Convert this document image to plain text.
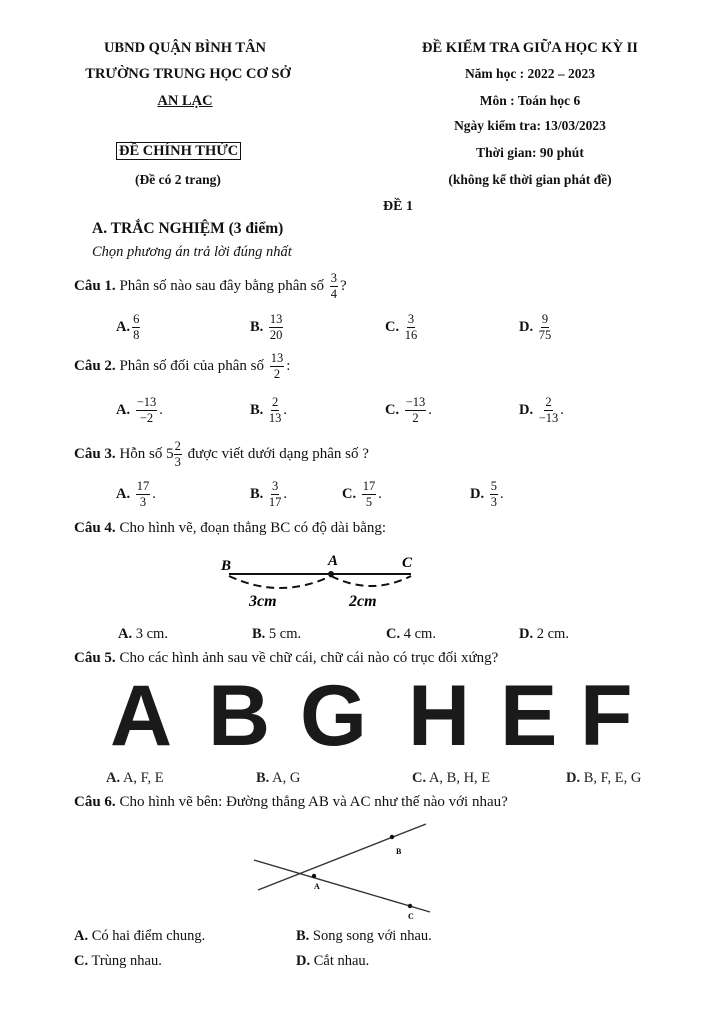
UBND QUẬN BÌNH TÂN
TRƯỜNG TRUNG HỌC CƠ SỞ
AN LẠC
ĐỀ CHÍNH THỨC
(Đề có 2 trang)
ĐỀ KIỂM TRA GIỮA HỌC KỲ II
Năm học : 2022 – 2023
Môn : Toán học 6
Ngày kiểm tra: 13/03/2023
Thời gian: 90 phút
(không kể thời gian phát đề)
ĐỀ 1
A. TRẮC NGHIỆM (3 điểm)
Chọn phương án trả lời đúng nhất
Câu 1. Phân số nào sau đây bằng phân số $\frac{3}{4}$ ?
A. $\frac{6}{8}$	B. $\frac{13}{20}$	C. $\frac{3}{16}$	D. $\frac{9}{75}$
Câu 2. Phân số đối của phân số $\frac{13}{2}$ :
A. $\frac{-13}{-2}$ .	B. $\frac{2}{13}$ .	C. $\frac{-13}{2}$ .	D. $\frac{2}{-13}$ .
Câu 3. Hỗn số $5 \frac{2}{3}$ được viết dưới dạng phân số ?
A. $\frac{17}{3}$ .	B. $\frac{3}{17}$ .	C. $\frac{17}{5}$ .	D. $\frac{5}{3}$ .
Câu 4. Cho hình vẽ, đoạn thẳng BC có độ dài bằng:
B	A	C
3cm	2cm
A. 3 cm.	B. 5 cm.	C. 4 cm.	D. 2 cm.
Câu 5. Cho các hình ảnh sau về chữ cái, chữ cái nào có trục đối xứng?
A B G H E F
A. A, F, E	B. A, G	C. A, B, H, E	D. B, F, E, G
Câu 6. Cho hình vẽ bên: Đường thẳng AB và AC như thế nào với nhau?
A
B
C
A. Có hai điểm chung.	B. Song song với nhau.
C. Trùng nhau.	D. Cắt nhau.
